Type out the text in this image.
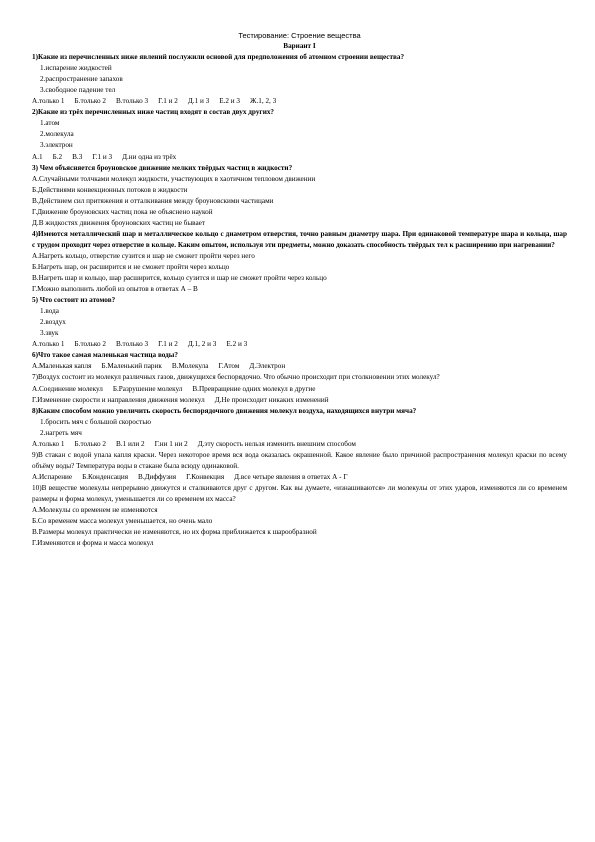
Тестирование: Строение вещества
Вариант I
1)Какие из перечисленных ниже явлений послужили основой для предположения об атомном строении вещества?
1.испарение жидкостей
2.распространение запахов
3.свободное падение тел
А.только 1 Б.только 2 В.только 3 Г.1 и 2 Д.1 и 3 Е.2 и 3 Ж.1, 2, 3
2)Какие из трёх перечисленных ниже частиц входят в состав двух других?
1.атом
2.молекула
3.электрон
А.1 Б.2 В.3 Г.1 и 3 Д.ни одна из трёх
3) Чем объясняется броуновское движение мелких твёрдых частиц в жидкости?
А.Случайными толчками молекул жидкости, участвующих в хаотичном тепловом движении
Б.Действиями конвекционных потоков в жидкости
В.Действием сил притяжения и отталкивания между броуновскими частицами
Г.Движение броуновских частиц пока не объяснено наукой
Д.В жидкостях движения броуновских частиц не бывает
4)Имеются металлический шар и металлическое кольцо с диаметром отверстия, точно равным диаметру шара. При одинаковой температуре шара и кольца, шар с трудом проходит через отверстие в кольце. Каким опытом, используя эти предметы, можно доказать способность твёрдых тел к расширению при нагревании?
А.Нагреть кольцо, отверстие сузится и шар не сможет пройти через него
Б.Нагреть шар, он расширится и не сможет пройти через кольцо
В.Нагреть шар и кольцо, шар расширится, кольцо сузится и шар не сможет пройти через кольцо
Г.Можно выполнить любой из опытов в ответах А – В
5) Что состоит из атомов?
1.вода
2.воздух
3.звук
А.только 1 Б.только 2 В.только 3 Г.1 и 2 Д.1, 2 и 3 Е.2 и 3
6)Что такое самая маленькая частица воды?
А.Маленькая капля Б.Маленький парик В.Молекула Г.Атом Д.Электрон
7)Воздух состоит из молекул различных газов, движущихся беспорядочно. Что обычно происходит при столкновении этих молекул?
А.Соединение молекул Б.Разрушение молекул В.Превращение одних молекул в другие
Г.Изменение скорости и направления движения молекул Д.Не происходит никаких изменений
8)Каким способом можно увеличить скорость беспорядочного движения молекул воздуха, находящихся внутри мяча?
1.бросить мяч с большой скоростью
2.нагреть мяч
А.только 1 Б.только 2 В.1 или 2 Г.ни 1 ни 2 Д.эту скорость нельзя изменить внешним способом
9)В стакан с водой упала капля краски. Через некоторое время вся вода оказалась окрашенной. Какое явление было причиной распространения молекул краски по всему объёму воды? Температура воды в стакане была всюду одинаковой.
А.Испарение Б.Конденсация В.Диффузия Г.Конвекция Д.все четыре явления в ответах А - Г
10)В веществе молекулы непрерывно движутся и сталкиваются друг с другом. Как вы думаете, «изнашиваются» ли молекулы от этих ударов, изменяются ли со временем размеры и форма молекул, уменьшается ли со временем их масса?
А.Молекулы со временем не изменяются
Б.Со временем масса молекул уменьшается, но очень мало
В.Размеры молекул практически не изменяются, но их форма приближается к шарообразной
Г.Изменяются и форма и масса молекул
